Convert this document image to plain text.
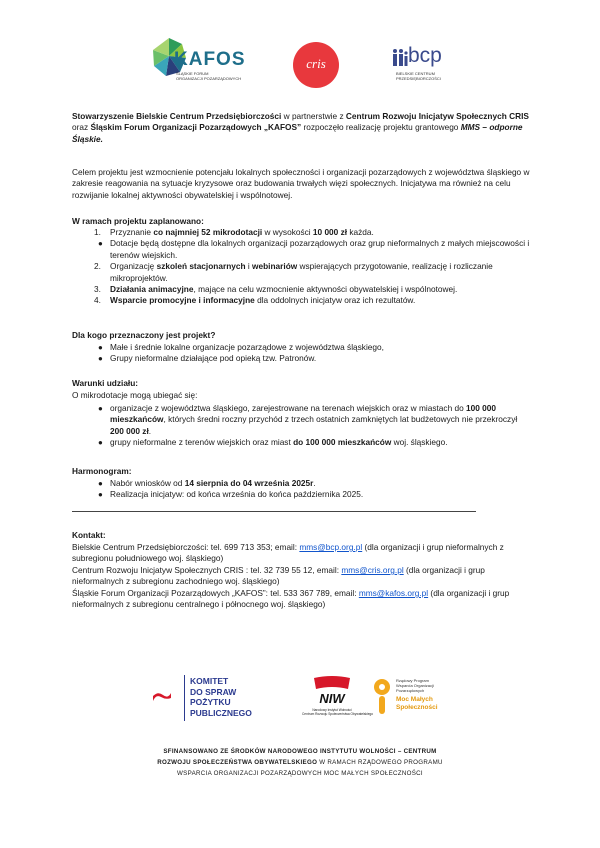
KAFOS
ŚLĄSKIE FORUM
ORGANIZACJI POZARZĄDOWYCH
cris	bcp
BIELSKIE CENTRUM
PRZEDSIĘBIORCZOŚCI
Stowarzyszenie Bielskie Centrum Przedsiębiorczości w partnerstwie z Centrum Rozwoju Inicjatyw Społecznych CRIS oraz Śląskim Forum Organizacji Pozarządowych „KAFOS” rozpoczęło realizację projektu grantowego MMS – odporne Śląskie.
Celem projektu jest wzmocnienie potencjału lokalnych społeczności i organizacji pozarządowych z województwa śląskiego w zakresie reagowania na sytuacje kryzysowe oraz budowania trwałych więzi społecznych. Inicjatywa ma również na celu rozwijanie lokalnej aktywności obywatelskiej i wspólnotowej.
W ramach projektu zaplanowano:
1. Przyznanie co najmniej 52 mikrodotacji w wysokości 10 000 zł każda.
● Dotacje będą dostępne dla lokalnych organizacji pozarządowych oraz grup nieformalnych z małych miejscowości i terenów wiejskich.
2. Organizację szkoleń stacjonarnych i webinariów wspierających przygotowanie, realizację i rozliczanie mikroprojektów.
3. Działania animacyjne, mające na celu wzmocnienie aktywności obywatelskiej i wspólnotowej.
4. Wsparcie promocyjne i informacyjne dla oddolnych inicjatyw oraz ich rezultatów.
Dla kogo przeznaczony jest projekt?
● Małe i średnie lokalne organizacje pozarządowe z województwa śląskiego,
● Grupy nieformalne działające pod opieką tzw. Patronów.
Warunki udziału:
O mikrodotacje mogą ubiegać się:
● organizacje z województwa śląskiego, zarejestrowane na terenach wiejskich oraz w miastach do 100 000 mieszkańców, których średni roczny przychód z trzech ostatnich zamkniętych lat budżetowych nie przekroczył 200 000 zł.
● grupy nieformalne z terenów wiejskich oraz miast do 100 000 mieszkańców woj. śląskiego.
Harmonogram:
● Nabór wniosków od 14 sierpnia do 04 września 2025r.
● Realizacja inicjatyw: od końca września do końca października 2025.
Kontakt:
Bielskie Centrum Przedsiębiorczości: tel. 699 713 353; email: mms@bcp.org.pl (dla organizacji i grup nieformalnych z subregionu południowego woj. śląskiego)
Centrum Rozwoju Inicjatyw Społecznych CRIS : tel. 32 739 55 12, email: mms@cris.org.pl (dla organizacji i grup nieformalnych z subregionu zachodniego woj. śląskiego)
Śląskie Forum Organizacji Pozarządowych „KAFOS”: tel. 533 367 789, email: mms@kafos.org.pl (dla organizacji i grup nieformalnych z subregionu centralnego i północnego woj. śląskiego)
KOMITET
DO SPRAW
POŻYTKU
PUBLICZNEGO
NIW
Narodowy Instytut Wolności
Centrum Rozwoju Społeczeństwa Obywatelskiego
Rządowy Program
Wsparcia Organizacji
Pozarządowych
Moc Małych
Społeczności
SFINANSOWANO ZE ŚRODKÓW NARODOWEGO INSTYTUTU WOLNOŚCI – CENTRUM
ROZWOJU SPOŁECZEŃSTWA OBYWATELSKIEGO W RAMACH RZĄDOWEGO PROGRAMU
WSPARCIA ORGANIZACJI POZARZĄDOWYCH MOC MAŁYCH SPOŁECZNOŚCI
